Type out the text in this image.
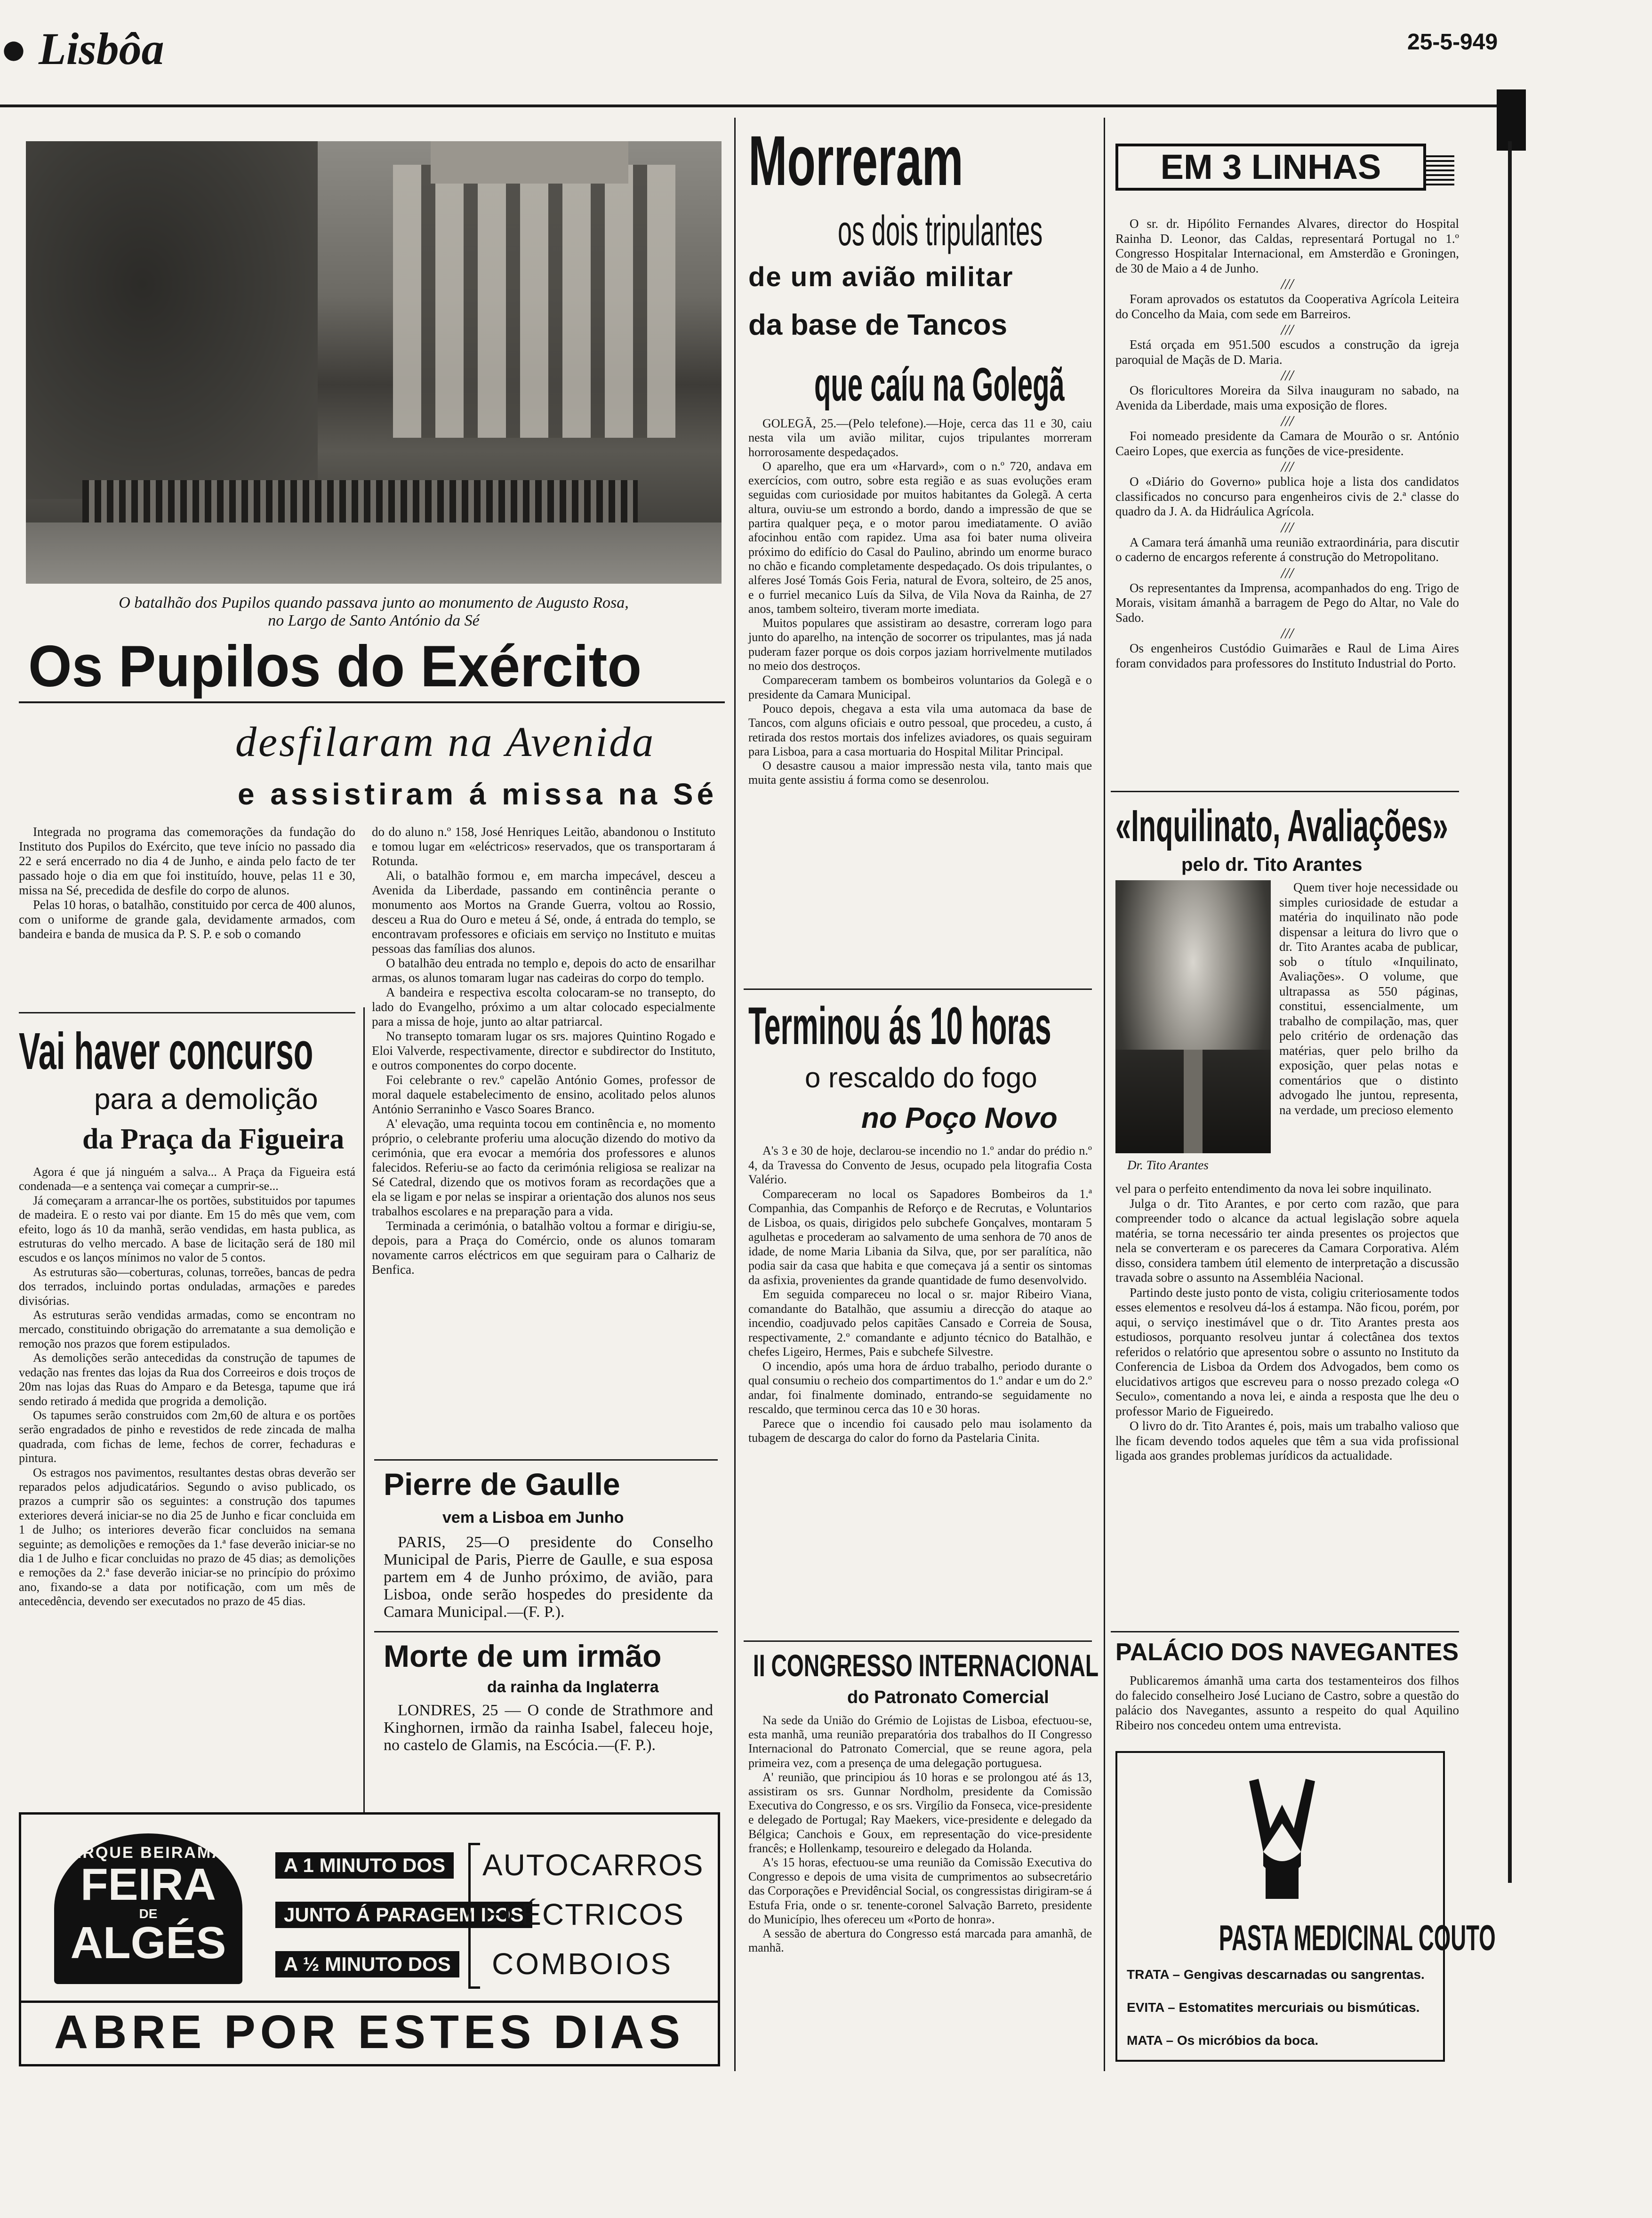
● Lisbôa	25-5-949
O batalhão dos Pupilos quando passava junto ao monumento de Augusto Rosa,
no Largo de Santo António da Sé
Os Pupilos do Exército
desfilaram na Avenida
e assistiram á missa na Sé

Integrada no programa das comemorações da fundação do Instituto dos Pupilos do Exército, que teve início no passado dia 22 e será encerrado no dia 4 de Junho, e ainda pelo facto de ter passado hoje o dia em que foi instituído, houve, pelas 11 e 30, missa na Sé, precedida de desfile do corpo de alunos.

Pelas 10 horas, o batalhão, constituido por cerca de 400 alunos, com o uniforme de grande gala, devidamente armados, com bandeira e banda de musica da P. S. P. e sob o comando

do do aluno n.º 158, José Henriques Leitão, abandonou o Instituto e tomou lugar em «eléctricos» reservados, que os transportaram á Rotunda.

Ali, o batalhão formou e, em marcha impecável, desceu a Avenida da Liberdade, passando em continência perante o monumento aos Mortos na Grande Guerra, voltou ao Rossio, desceu a Rua do Ouro e meteu á Sé, onde, á entrada do templo, se encontravam professores e oficiais em serviço no Instituto e muitas pessoas das famílias dos alunos.

O batalhão deu entrada no templo e, depois do acto de ensarilhar armas, os alunos tomaram lugar nas cadeiras do corpo do templo.

A bandeira e respectiva escolta colocaram-se no transepto, do lado do Evangelho, próximo a um altar colocado especialmente para a missa de hoje, junto ao altar patriarcal.

No transepto tomaram lugar os srs. majores Quintino Rogado e Eloi Valverde, respectivamente, director e subdirector do Instituto, e outros componentes do corpo docente.

Foi celebrante o rev.º capelão António Gomes, professor de moral daquele estabelecimento de ensino, acolitado pelos alunos António Serraninho e Vasco Soares Branco.

A' elevação, uma requinta tocou em continência e, no momento próprio, o celebrante proferiu uma alocução dizendo do motivo da cerimónia, que era evocar a memória dos professores e alunos falecidos. Referiu-se ao facto da cerimónia religiosa se realizar na Sé Catedral, dizendo que os motivos foram as recordações que a ela se ligam e por nelas se inspirar a orientação dos alunos nos seus trabalhos escolares e na preparação para a vida.

Terminada a cerimónia, o batalhão voltou a formar e dirigiu-se, depois, para a Praça do Comércio, onde os alunos tomaram novamente carros eléctricos em que seguiram para o Calhariz de Benfica.

Vai haver concurso
para a demolição
da Praça da Figueira

Agora é que já ninguém a salva... A Praça da Figueira está condenada—e a sentença vai começar a cumprir-se...

Já começaram a arrancar-lhe os portões, substituidos por tapumes de madeira. E o resto vai por diante. Em 15 do mês que vem, com efeito, logo ás 10 da manhã, serão vendidas, em hasta publica, as estruturas do velho mercado. A base de licitação será de 180 mil escudos e os lanços mínimos no valor de 5 contos.

As estruturas são—coberturas, colunas, torreões, bancas de pedra dos terrados, incluindo portas onduladas, armações e paredes divisórias.

As estruturas serão vendidas armadas, como se encontram no mercado, constituindo obrigação do arrematante a sua demolição e remoção nos prazos que forem estipulados.

As demolições serão antecedidas da construção de tapumes de vedação nas frentes das lojas da Rua dos Correeiros e dois troços de 20m nas lojas das Ruas do Amparo e da Betesga, tapume que irá sendo retirado á medida que progrida a demolição.

Os tapumes serão construidos com 2m,60 de altura e os portões serão engradados de pinho e revestidos de rede zincada de malha quadrada, com fichas de leme, fechos de correr, fechaduras e pintura.

Os estragos nos pavimentos, resultantes destas obras deverão ser reparados pelos adjudicatários. Segundo o aviso publicado, os prazos a cumprir são os seguintes: a construção dos tapumes exteriores deverá iniciar-se no dia 25 de Junho e ficar concluida em 1 de Julho; os interiores deverão ficar concluidos na semana seguinte; as demolições e remoções da 1.ª fase deverão iniciar-se no dia 1 de Julho e ficar concluidas no prazo de 45 dias; as demolições e remoções da 2.ª fase deverão iniciar-se no princípio do próximo ano, fixando-se a data por notificação, com um mês de antecedência, devendo ser executados no prazo de 45 dias.

Pierre de Gaulle
vem a Lisboa em Junho
PARIS, 25—O presidente do Conselho Municipal de Paris, Pierre de Gaulle, e sua esposa partem em 4 de Junho próximo, de avião, para Lisboa, onde serão hospedes do presidente da Camara Municipal.—(F. P.).
Morte de um irmão
da rainha da Inglaterra
LONDRES, 25 — O conde de Strathmore and Kinghornen, irmão da rainha Isabel, faleceu hoje, no castelo de Glamis, na Escócia.—(F. P.).
PARQUE BEIRAMAR
FEIRA
DE
ALGÉS
A 1 MINUTO DOS
JUNTO Á PARAGEM DOS
A ½ MINUTO DOS
AUTOCARROS
ELÉCTRICOS
COMBOIOS
ABRE POR ESTES DIAS
Morreram
os dois tripulantes
de um avião militar
da base de Tancos
que caíu na Golegã

GOLEGÃ, 25.—(Pelo telefone).—Hoje, cerca das 11 e 30, caiu nesta vila um avião militar, cujos tripulantes morreram horrorosamente despedaçados.

O aparelho, que era um «Harvard», com o n.º 720, andava em exercícios, com outro, sobre esta região e as suas evoluções eram seguidas com curiosidade por muitos habitantes da Golegã. A certa altura, ouviu-se um estrondo a bordo, dando a impressão de que se partira qualquer peça, e o motor parou imediatamente. O avião afocinhou então com rapidez. Uma asa foi bater numa oliveira próximo do edifício do Casal do Paulino, abrindo um enorme buraco no chão e ficando completamente despedaçado. Os dois tripulantes, o alferes José Tomás Gois Feria, natural de Evora, solteiro, de 25 anos, e o furriel mecanico Luís da Silva, de Vila Nova da Rainha, de 27 anos, tambem solteiro, tiveram morte imediata.

Muitos populares que assistiram ao desastre, correram logo para junto do aparelho, na intenção de socorrer os tripulantes, mas já nada puderam fazer porque os dois corpos jaziam horrivelmente mutilados no meio dos destroços.

Compareceram tambem os bombeiros voluntarios da Golegã e o presidente da Camara Municipal.

Pouco depois, chegava a esta vila uma automaca da base de Tancos, com alguns oficiais e outro pessoal, que procedeu, a custo, á retirada dos restos mortais dos infelizes aviadores, os quais seguiram para Lisboa, para a casa mortuaria do Hospital Militar Principal.

O desastre causou a maior impressão nesta vila, tanto mais que muita gente assistiu á forma como se desenrolou.

Terminou ás 10 horas
o rescaldo do fogo
no Poço Novo

A's 3 e 30 de hoje, declarou-se incendio no 1.º andar do prédio n.º 4, da Travessa do Convento de Jesus, ocupado pela litografia Costa Valério.

Compareceram no local os Sapadores Bombeiros da 1.ª Companhia, das Companhis de Reforço e de Recrutas, e Voluntarios de Lisboa, os quais, dirigidos pelo subchefe Gonçalves, montaram 5 agulhetas e procederam ao salvamento de uma senhora de 70 anos de idade, de nome Maria Libania da Silva, que, por ser paralítica, não podia sair da casa que habita e que começava já a sentir os sintomas da asfixia, provenientes da grande quantidade de fumo desenvolvido.

Em seguida compareceu no local o sr. major Ribeiro Viana, comandante do Batalhão, que assumiu a direcção do ataque ao incendio, coadjuvado pelos capitães Cansado e Correia de Sousa, respectivamente, 2.º comandante e adjunto técnico do Batalhão, e chefes Ligeiro, Hermes, Pais e subchefe Silvestre.

O incendio, após uma hora de árduo trabalho, periodo durante o qual consumiu o recheio dos compartimentos do 1.º andar e um do 2.º andar, foi finalmente dominado, entrando-se seguidamente no rescaldo, que terminou cerca das 10 e 30 horas.

Parece que o incendio foi causado pelo mau isolamento da tubagem de descarga do calor do forno da Pastelaria Cinita.

II CONGRESSO INTERNACIONAL
do Patronato Comercial

Na sede da União do Grémio de Lojistas de Lisboa, efectuou-se, esta manhã, uma reunião preparatória dos trabalhos do II Congresso Internacional do Patronato Comercial, que se reune agora, pela primeira vez, com a presença de uma delegação portuguesa.

A' reunião, que principiou ás 10 horas e se prolongou até ás 13, assistiram os srs. Gunnar Nordholm, presidente da Comissão Executiva do Congresso, e os srs. Virgílio da Fonseca, vice-presidente e delegado de Portugal; Ray Maekers, vice-presidente e delegado da Bélgica; Canchois e Goux, em representação do vice-presidente francês; e Hollenkamp, tesoureiro e delegado da Holanda.

A's 15 horas, efectuou-se uma reunião da Comissão Executiva do Congresso e depois de uma visita de cumprimentos ao subsecretário das Corporações e Previdêncial Social, os congressistas dirigiram-se á Estufa Fria, onde o sr. tenente-coronel Salvação Barreto, presidente do Município, lhes ofereceu um «Porto de honra».

A sessão de abertura do Congresso está marcada para amanhã, de manhã.

EM 3 LINHAS

O sr. dr. Hipólito Fernandes Alvares, director do Hospital Rainha D. Leonor, das Caldas, representará Portugal no 1.º Congresso Hospitalar Internacional, em Amsterdão e Groningen, de 30 de Maio a 4 de Junho.

///

Foram aprovados os estatutos da Cooperativa Agrícola Leiteira do Concelho da Maia, com sede em Barreiros.

///

Está orçada em 951.500 escudos a construção da igreja paroquial de Maçãs de D. Maria.

///

Os floricultores Moreira da Silva inauguram no sabado, na Avenida da Liberdade, mais uma exposição de flores.

///

Foi nomeado presidente da Camara de Mourão o sr. António Caeiro Lopes, que exercia as funções de vice-presidente.

///

O «Diário do Governo» publica hoje a lista dos candidatos classificados no concurso para engenheiros civis de 2.ª classe do quadro da J. A. da Hidráulica Agrícola.

///

A Camara terá ámanhã uma reunião extraordinária, para discutir o caderno de encargos referente á construção do Metropolitano.

///

Os representantes da Imprensa, acompanhados do eng. Trigo de Morais, visitam ámanhã a barragem de Pego do Altar, no Vale do Sado.

///

Os engenheiros Custódio Guimarães e Raul de Lima Aires foram convidados para professores do Instituto Industrial do Porto.

«Inquilinato, Avaliações»
pelo dr. Tito Arantes
Dr. Tito Arantes
Quem tiver hoje necessidade ou simples curiosidade de estudar a matéria do inquilinato não pode dispensar a leitura do livro que o dr. Tito Arantes acaba de publicar, sob o título «Inquilinato, Avaliações». O volume, que ultrapassa as 550 páginas, constitui, essencialmente, um trabalho de compilação, mas, quer pelo critério de ordenação das matérias, quer pelo brilho da exposição, quer pelas notas e comentários que o distinto advogado lhe juntou, representa, na verdade, um precioso elemento

vel para o perfeito entendimento da nova lei sobre inquilinato.

Julga o dr. Tito Arantes, e por certo com razão, que para compreender todo o alcance da actual legislação sobre aquela matéria, se torna necessário ter ainda presentes os projectos que nela se converteram e os pareceres da Camara Corporativa. Além disso, considera tambem útil elemento de interpretação a discussão travada sobre o assunto na Assembléia Nacional.

Partindo deste justo ponto de vista, coligiu criteriosamente todos esses elementos e resolveu dá-los á estampa. Não ficou, porém, por aqui, o serviço inestimável que o dr. Tito Arantes presta aos estudiosos, porquanto resolveu juntar á colectânea dos textos referidos o relatório que apresentou sobre o assunto no Instituto da Conferencia de Lisboa da Ordem dos Advogados, bem como os elucidativos artigos que escreveu para o nosso prezado colega «O Seculo», comentando a nova lei, e ainda a resposta que lhe deu o professor Mario de Figueiredo.

O livro do dr. Tito Arantes é, pois, mais um trabalho valioso que lhe ficam devendo todos aqueles que têm a sua vida profissional ligada aos grandes problemas jurídicos da actualidade.

PALÁCIO DOS NAVEGANTES
Publicaremos ámanhã uma carta dos testamenteiros dos filhos do falecido conselheiro José Luciano de Castro, sobre a questão do palácio dos Navegantes, assunto a respeito do qual Aquilino Ribeiro nos concedeu ontem uma entrevista.
PASTA MEDICINAL COUTO
TRATA – Gengivas descarnadas ou sangrentas.
EVITA – Estomatites mercuriais ou bismúticas.
MATA – Os micróbios da boca.
